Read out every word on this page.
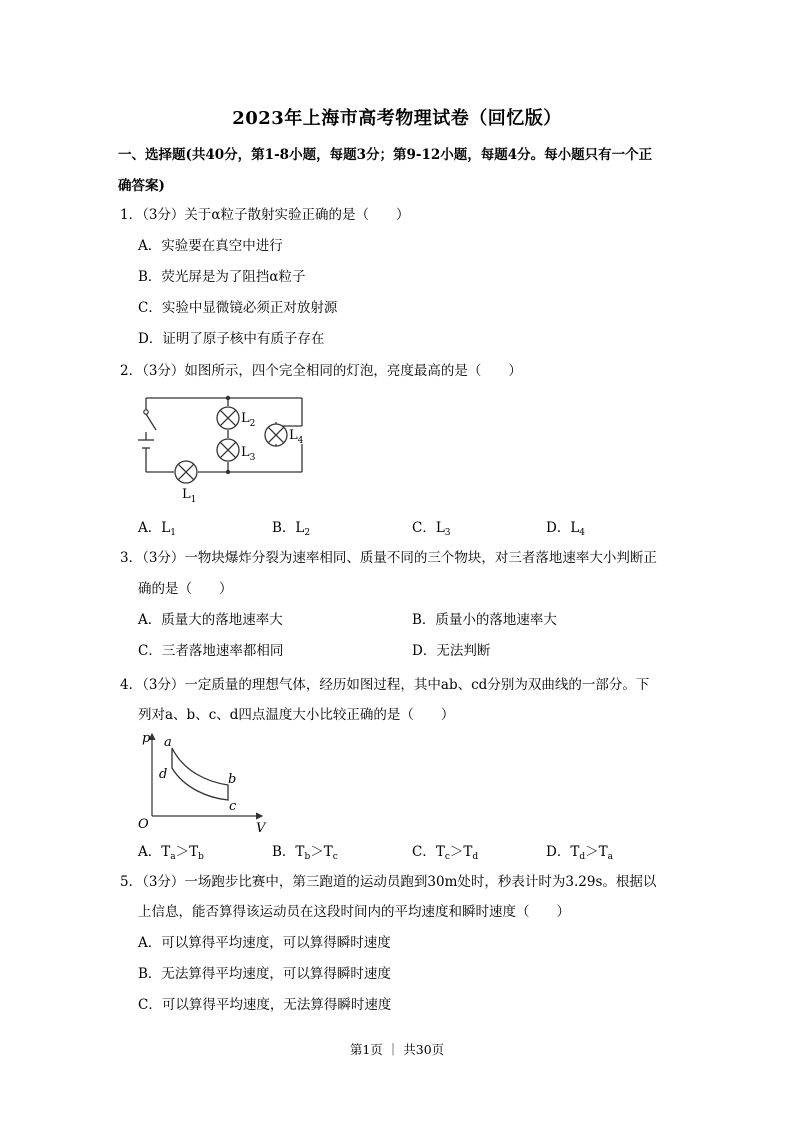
2023年上海市高考物理试卷（回忆版）
一、选择题(共40分，第1-8小题，每题3分；第9-12小题，每题4分。每小题只有一个正
确答案)
1．（3分）关于α粒子散射实验正确的是（　　）
A．实验要在真空中进行
B．荧光屏是为了阻挡α粒子
C．实验中显微镜必须正对放射源
D．证明了原子核中有质子存在
2．（3分）如图所示，四个完全相同的灯泡，亮度最高的是（　　）
$L_2$
$L_3$
$L_4$
$L_1$
A．$L_1$	B．$L_2$	C．$L_3$	D．$L_4$
3．（3分）一物块爆炸分裂为速率相同、质量不同的三个物块，对三者落地速率大小判断正
确的是（　　）
A．质量大的落地速率大	B．质量小的落地速率大
C．三者落地速率都相同	D．无法判断
4．（3分）一定质量的理想气体，经历如图过程，其中ab、cd分别为双曲线的一部分。下
列对a、b、c、d四点温度大小比较正确的是（　　）
p
V
O
a
b
c
d
A．$T_a>T_b$	B．$T_b>T_c$	C．$T_c>T_d$	D．$T_d>T_a$
5．（3分）一场跑步比赛中，第三跑道的运动员跑到30m处时，秒表计时为3.29s。根据以
上信息，能否算得该运动员在这段时间内的平均速度和瞬时速度（　　）
A．可以算得平均速度，可以算得瞬时速度
B．无法算得平均速度，可以算得瞬时速度
C．可以算得平均速度，无法算得瞬时速度
第1页 ｜ 共30页
